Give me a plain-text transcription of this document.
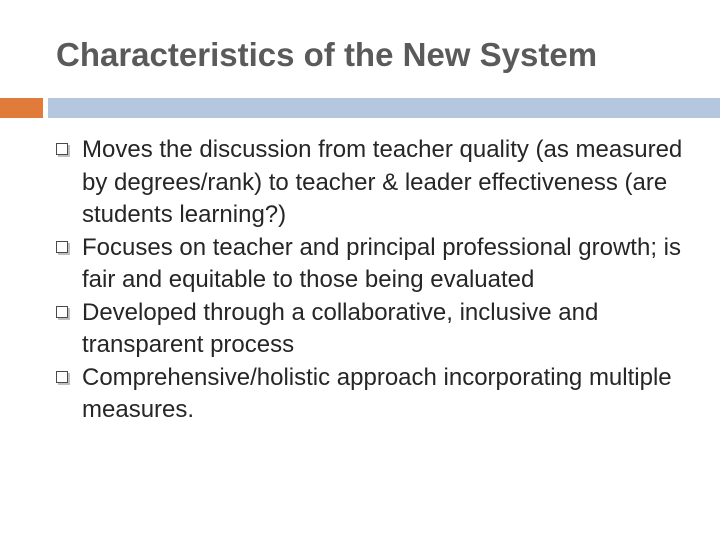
Characteristics of the New System
Moves the discussion from teacher quality (as measured by degrees/rank) to teacher & leader effectiveness (are students learning?)
Focuses on teacher and principal professional growth; is fair and equitable to those being evaluated
Developed through a collaborative, inclusive and transparent process
Comprehensive/holistic approach incorporating multiple measures.
